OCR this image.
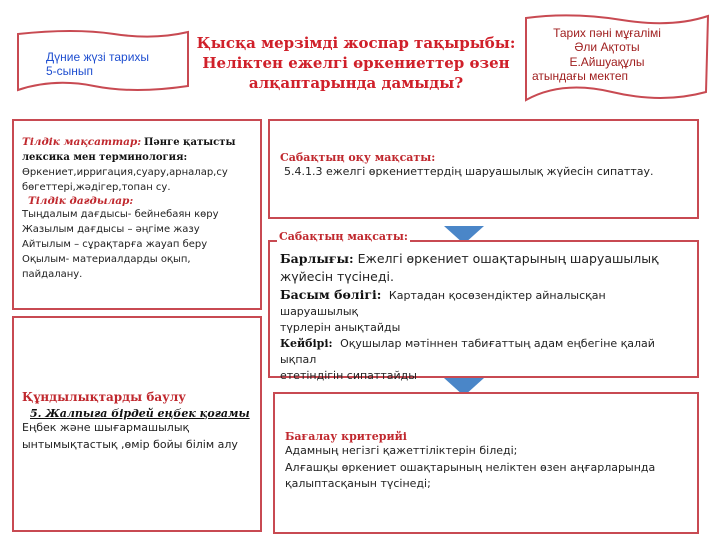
Дүние жүзі тарихы
5-сынып
Қысқа мерзімді жоспар тақырыбы:
Неліктен ежелгі өркениеттер өзен
алқаптарында дамыды?
Тарих пәні мұғалімі
Әли Ақтоты
Е.Айшуақұлы
атындағы мектеп
Тілдік мақсаттар: Пәнге қатысты
лексика мен терминология:
Өркениет,ирригация,суару,арналар,су
бөгеттері,жәдігер,топан су.
Тілдік дағдылар:
Тыңдалым дағдысы- бейнебаян көру
Жазылым дағдысы – әңгіме жазу
Айтылым – сұрақтарға жауап беру
Оқылым- материалдарды оқып, пайдалану.
Құндылықтарды баулу
5. Жалпыға бірдей еңбек қоғамы
Еңбек және шығармашылық
ынтымықтастық ,өмір бойы білім алу
Сабақтың оқу мақсаты:
5.4.1.3 ежелгі өркениеттердің шаруашылық жүйесін сипаттау.
Барлығы: Ежелгі өркениет ошақтарының шаруашылық
жүйесін түсінеді.
Басым бөлігі: Картадан қосөзендіктер айналысқан шаруашылық
түрлерін анықтайды
Кейбірі: Оқушылар мәтіннен табиғаттың адам еңбегіне қалай ықпал
ететіндігін сипаттайды
Сабақтың мақсаты:
Бағалау критерийі
Адамның негізгі қажеттіліктерін біледі;
Алғашқы өркениет ошақтарының неліктен өзен аңғарларында
қалыптасқанын түсінеді;
